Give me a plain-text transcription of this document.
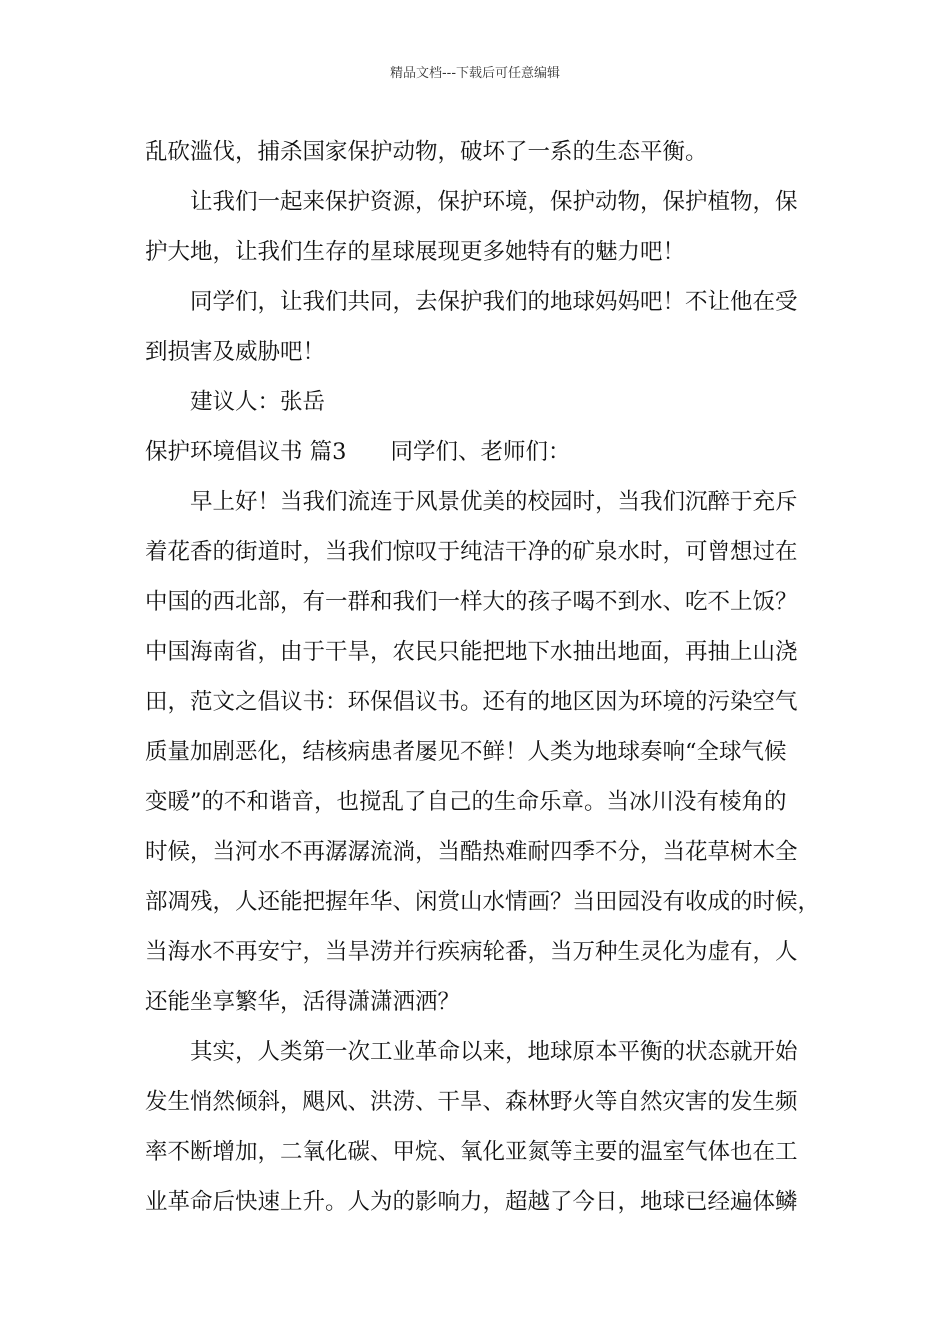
精品文档---下载后可任意编辑
乱砍滥伐，捕杀国家保护动物，破坏了一系的生态平衡。
让我们一起来保护资源，保护环境，保护动物，保护植物，保
护大地，让我们生存的星球展现更多她特有的魅力吧！
同学们，让我们共同，去保护我们的地球妈妈吧！不让他在受
到损害及威胁吧！
建议人：张岳
保护环境倡议书 篇3 同学们、老师们：
早上好！当我们流连于风景优美的校园时，当我们沉醉于充斥
着花香的街道时，当我们惊叹于纯洁干净的矿泉水时，可曾想过在
中国的西北部，有一群和我们一样大的孩子喝不到水、吃不上饭？
中国海南省，由于干旱，农民只能把地下水抽出地面，再抽上山浇
田，范文之倡议书：环保倡议书。还有的地区因为环境的污染空气
质量加剧恶化，结核病患者屡见不鲜！人类为地球奏响“全球气候
变暖”的不和谐音，也搅乱了自己的生命乐章。当冰川没有棱角的
时候，当河水不再潺潺流淌，当酷热难耐四季不分，当花草树木全
部凋残，人还能把握年华、闲赏山水情画？当田园没有收成的时候，
当海水不再安宁，当旱涝并行疾病轮番，当万种生灵化为虚有，人
还能坐享繁华，活得潇潇洒洒？
其实，人类第一次工业革命以来，地球原本平衡的状态就开始
发生悄然倾斜，飓风、洪涝、干旱、森林野火等自然灾害的发生频
率不断增加，二氧化碳、甲烷、氧化亚氮等主要的温室气体也在工
业革命后快速上升。人为的影响力，超越了今日，地球已经遍体鳞
